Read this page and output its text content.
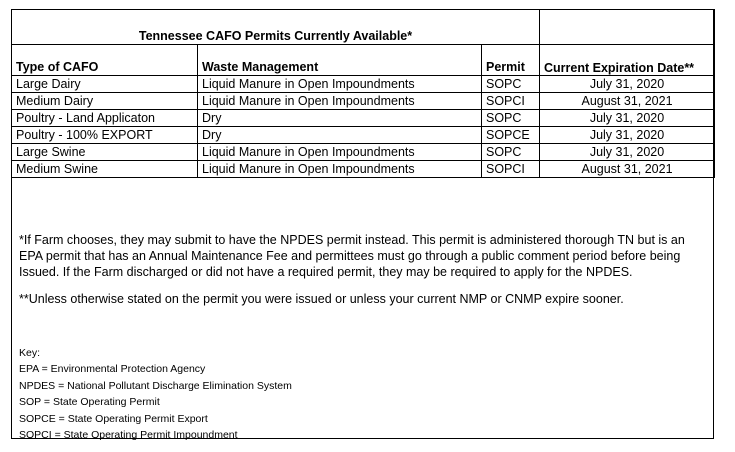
Tennessee CAFO Permits Currently Available*			
Type of CAFO	Waste Management	Permit	Current Expiration Date**
Large Dairy	Liquid Manure in Open Impoundments	SOPC	July 31, 2020
Medium Dairy	Liquid Manure in Open Impoundments	SOPCI	August 31, 2021
Poultry - Land Applicaton	Dry	SOPC	July 31, 2020
Poultry - 100% EXPORT	Dry	SOPCE	July 31, 2020
Large Swine	Liquid Manure in Open Impoundments	SOPC	July 31, 2020
Medium Swine	Liquid Manure in Open Impoundments	SOPCI	August 31, 2021

*If Farm chooses, they may submit to have the NPDES permit instead. This permit is administered thorough TN but is an EPA permit that has an Annual Maintenance Fee and permittees must go through a public comment period before being Issued. If the Farm discharged or did not have a required permit, they may be required to apply for the NPDES.

**Unless otherwise stated on the permit you were issued or unless your current NMP or CNMP expire sooner.

Key:
EPA = Environmental Protection Agency
NPDES = National Pollutant Discharge Elimination System
SOP = State Operating Permit
SOPCE = State Operating Permit Export
SOPCI = State Operating Permit Impoundment
